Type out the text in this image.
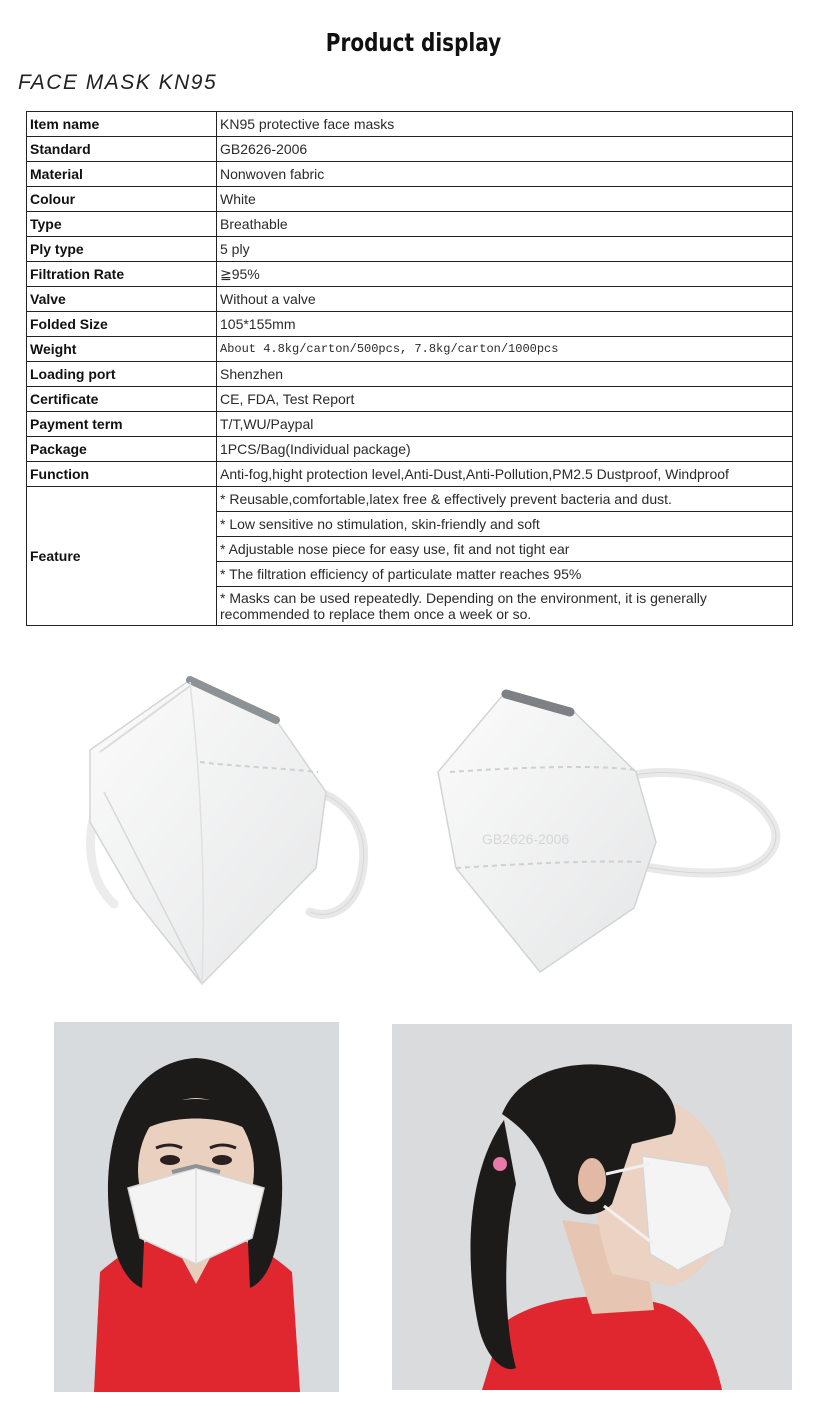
Product display
FACE MASK KN95
Item name	KN95 protective face masks
Standard	GB2626-2006
Material	Nonwoven fabric
Colour	White
Type	Breathable
Ply type	5 ply
Filtration Rate	≧95%
Valve	Without a valve
Folded Size	105*155mm
Weight	About 4.8kg/carton/500pcs, 7.8kg/carton/1000pcs
Loading port	Shenzhen
Certificate	CE, FDA, Test Report
Payment term	T/T,WU/Paypal
Package	1PCS/Bag(Individual package)
Function	Anti-fog,hight protection level,Anti-Dust,Anti-Pollution,PM2.5 Dustproof, Windproof
Feature	* Reusable,comfortable,latex free & effectively prevent bacteria and dust.
	* Low sensitive no stimulation, skin-friendly and soft
	* Adjustable nose piece for easy use, fit and not tight ear
	* The filtration efficiency of particulate matter reaches 95%
	* Masks can be used repeatedly. Depending on the environment, it is generally recommended to replace them once a week or so.
GB2626-2006
